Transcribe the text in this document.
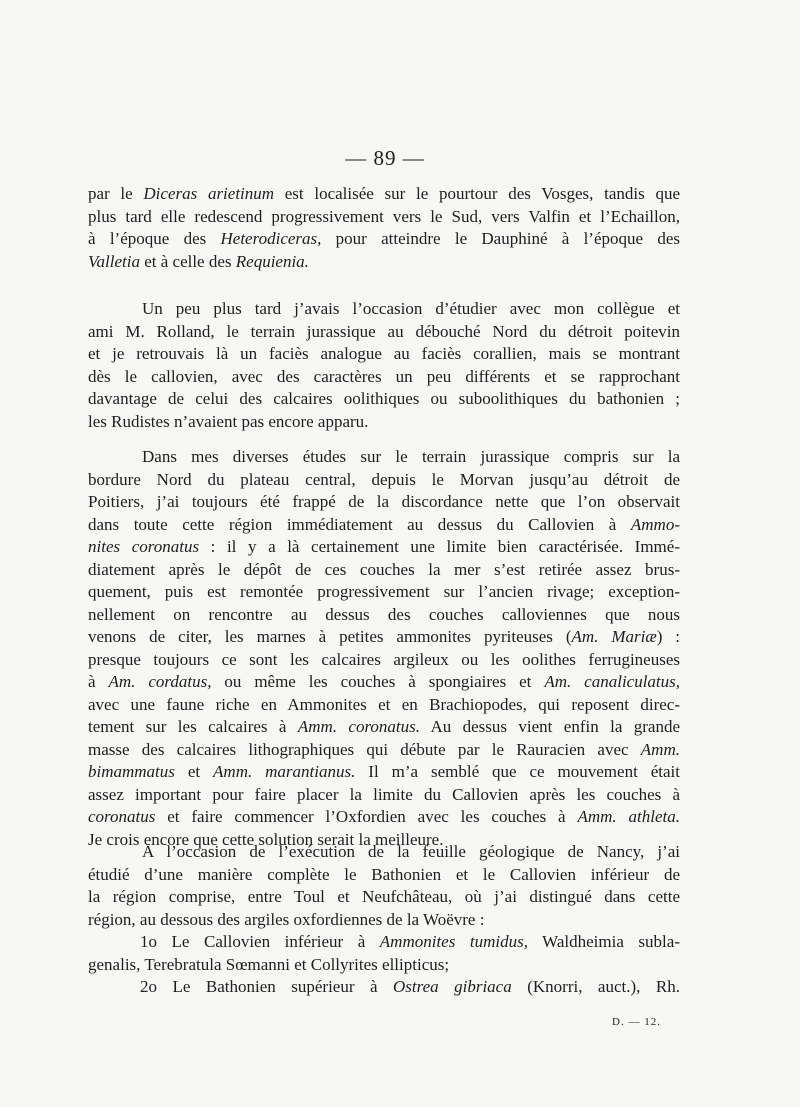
— 89 —
par le Diceras arietinum est localisée sur le pourtour des Vosges, tandis que
plus tard elle redescend progressivement vers le Sud, vers Valfin et l’Echaillon,
à l’époque des Heterodiceras, pour atteindre le Dauphiné à l’époque des
Valletia et à celle des Requienia.
Un peu plus tard j’avais l’occasion d’étudier avec mon collègue et
ami M. Rolland, le terrain jurassique au débouché Nord du détroit poitevin
et je retrouvais là un faciès analogue au faciès corallien, mais se montrant
dès le callovien, avec des caractères un peu différents et se rapprochant
davantage de celui des calcaires oolithiques ou suboolithiques du bathonien ;
les Rudistes n’avaient pas encore apparu.
Dans mes diverses études sur le terrain jurassique compris sur la
bordure Nord du plateau central, depuis le Morvan jusqu’au détroit de
Poitiers, j’ai toujours été frappé de la discordance nette que l’on observait
dans toute cette région immédiatement au dessus du Callovien à Ammo-
nites coronatus : il y a là certainement une limite bien caractérisée. Immé-
diatement après le dépôt de ces couches la mer s’est retirée assez brus-
quement, puis est remontée progressivement sur l’ancien rivage; exception-
nellement on rencontre au dessus des couches calloviennes que nous
venons de citer, les marnes à petites ammonites pyriteuses (Am. Mariæ) :
presque toujours ce sont les calcaires argileux ou les oolithes ferrugineuses
à Am. cordatus, ou même les couches à spongiaires et Am. canaliculatus,
avec une faune riche en Ammonites et en Brachiopodes, qui reposent direc-
tement sur les calcaires à Amm. coronatus. Au dessus vient enfin la grande
masse des calcaires lithographiques qui débute par le Rauracien avec Amm.
bimammatus et Amm. marantianus. Il m’a semblé que ce mouvement était
assez important pour faire placer la limite du Callovien après les couches à
coronatus et faire commencer l’Oxfordien avec les couches à Amm. athleta.
Je crois encore que cette solution serait la meilleure.
A l’occasion de l’exécution de la feuille géologique de Nancy, j’ai
étudié d’une manière complète le Bathonien et le Callovien inférieur de
la région comprise, entre Toul et Neufchâteau, où j’ai distingué dans cette
région, au dessous des argiles oxfordiennes de la Woëvre :
1o Le Callovien inférieur à Ammonites tumidus, Waldheimia subla-
genalis, Terebratula Sœmanni et Collyrites ellipticus;
2o Le Bathonien supérieur à Ostrea gibriaca (Knorri, auct.), Rh.
D. — 12.
